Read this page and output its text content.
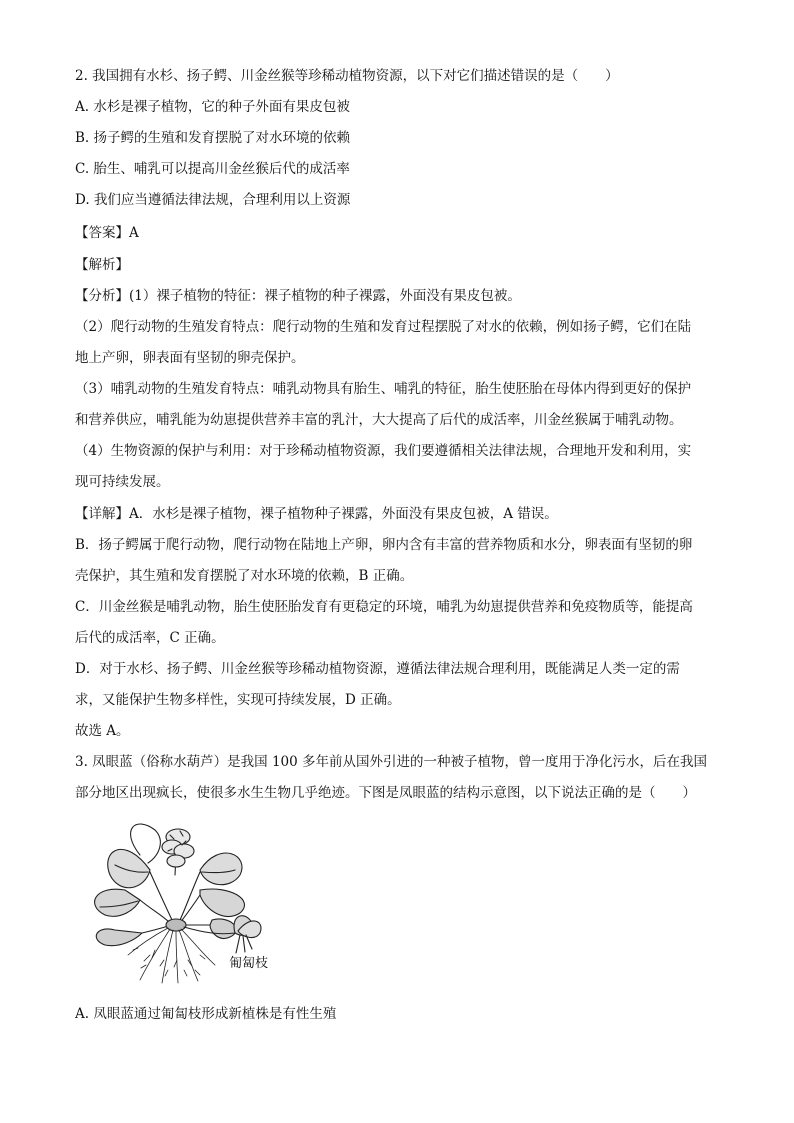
2. 我国拥有水杉、扬子鳄、川金丝猴等珍稀动植物资源，以下对它们描述错误的是（　　）
A. 水杉是裸子植物，它的种子外面有果皮包被
B. 扬子鳄的生殖和发育摆脱了对水环境的依赖
C. 胎生、哺乳可以提高川金丝猴后代的成活率
D. 我们应当遵循法律法规，合理利用以上资源
【答案】A
【解析】
【分析】(1）裸子植物的特征：裸子植物的种子裸露，外面没有果皮包被。
（2）爬行动物的生殖发育特点：爬行动物的生殖和发育过程摆脱了对水的依赖，例如扬子鳄，它们在陆
地上产卵，卵表面有坚韧的卵壳保护。
（3）哺乳动物的生殖发育特点：哺乳动物具有胎生、哺乳的特征，胎生使胚胎在母体内得到更好的保护
和营养供应，哺乳能为幼崽提供营养丰富的乳汁，大大提高了后代的成活率，川金丝猴属于哺乳动物。
（4）生物资源的保护与利用：对于珍稀动植物资源，我们要遵循相关法律法规，合理地开发和利用，实
现可持续发展。
【详解】A．水杉是裸子植物，裸子植物种子裸露，外面没有果皮包被，A 错误。
B．扬子鳄属于爬行动物，爬行动物在陆地上产卵，卵内含有丰富的营养物质和水分，卵表面有坚韧的卵
壳保护，其生殖和发育摆脱了对水环境的依赖，B 正确。
C．川金丝猴是哺乳动物，胎生使胚胎发育有更稳定的环境，哺乳为幼崽提供营养和免疫物质等，能提高
后代的成活率，C 正确。
D．对于水杉、扬子鳄、川金丝猴等珍稀动植物资源，遵循法律法规合理利用，既能满足人类一定的需
求，又能保护生物多样性，实现可持续发展，D 正确。
故选 A。
3. 凤眼蓝（俗称水葫芦）是我国 100 多年前从国外引进的一种被子植物，曾一度用于净化污水，后在我国
部分地区出现疯长，使很多水生生物几乎绝迹。下图是凤眼蓝的结构示意图，以下说法正确的是（　　）
匍匐枝
A. 凤眼蓝通过匍匐枝形成新植株是有性生殖
